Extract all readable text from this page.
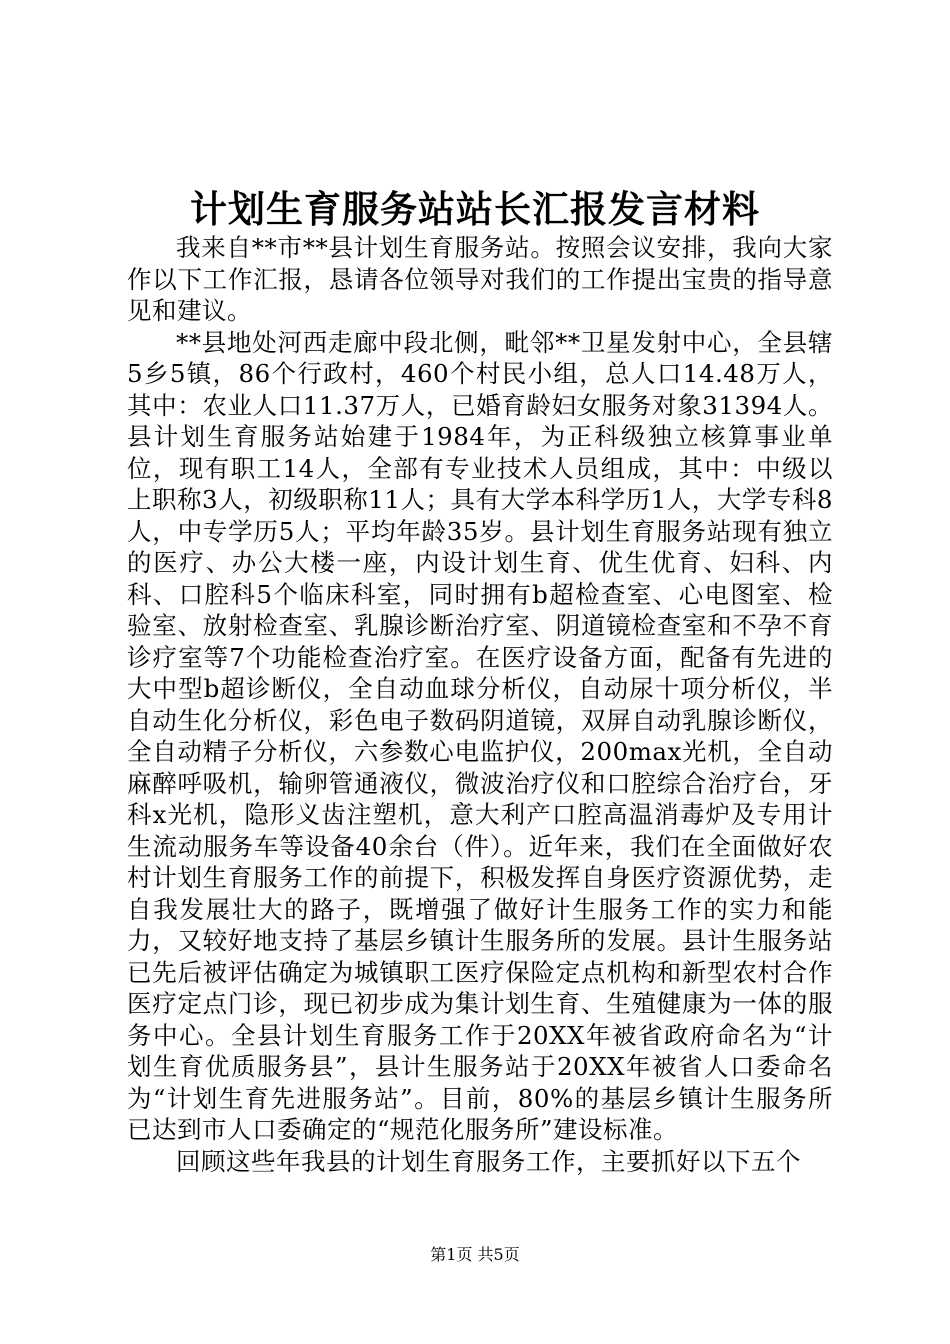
计划生育服务站站长汇报发言材料

我来自**市**县计划生育服务站。按照会议安排，我向大家作以下工作汇报，恳请各位领导对我们的工作提出宝贵的指导意见和建议。

**县地处河西走廊中段北侧，毗邻**卫星发射中心，全县辖5乡5镇，86个行政村，460个村民小组，总人口14.48万人，其中：农业人口11.37万人，已婚育龄妇女服务对象31394人。县计划生育服务站始建于1984年，为正科级独立核算事业单位，现有职工14人，全部有专业技术人员组成，其中：中级以上职称3人，初级职称11人；具有大学本科学历1人，大学专科8人，中专学历5人；平均年龄35岁。县计划生育服务站现有独立的医疗、办公大楼一座，内设计划生育、优生优育、妇科、内科、口腔科5个临床科室，同时拥有b超检查室、心电图室、检验室、放射检查室、乳腺诊断治疗室、阴道镜检查室和不孕不育诊疗室等7个功能检查治疗室。在医疗设备方面，配备有先进的大中型b超诊断仪，全自动血球分析仪，自动尿十项分析仪，半自动生化分析仪，彩色电子数码阴道镜，双屏自动乳腺诊断仪，全自动精子分析仪，六参数心电监护仪，200max光机，全自动麻醉呼吸机，输卵管通液仪，微波治疗仪和口腔综合治疗台，牙科x光机，隐形义齿注塑机，意大利产口腔高温消毒炉及专用计生流动服务车等设备40余台（件）。近年来，我们在全面做好农村计划生育服务工作的前提下，积极发挥自身医疗资源优势，走自我发展壮大的路子，既增强了做好计生服务工作的实力和能力，又较好地支持了基层乡镇计生服务所的发展。县计生服务站已先后被评估确定为城镇职工医疗保险定点机构和新型农村合作医疗定点门诊，现已初步成为集计划生育、生殖健康为一体的服务中心。全县计划生育服务工作于20XX年被省政府命名为“计划生育优质服务县”，县计生服务站于20XX年被省人口委命名为“计划生育先进服务站”。目前，80%的基层乡镇计生服务所已达到市人口委确定的“规范化服务所”建设标准。

回顾这些年我县的计划生育服务工作，主要抓好以下五个

第1页 共5页
